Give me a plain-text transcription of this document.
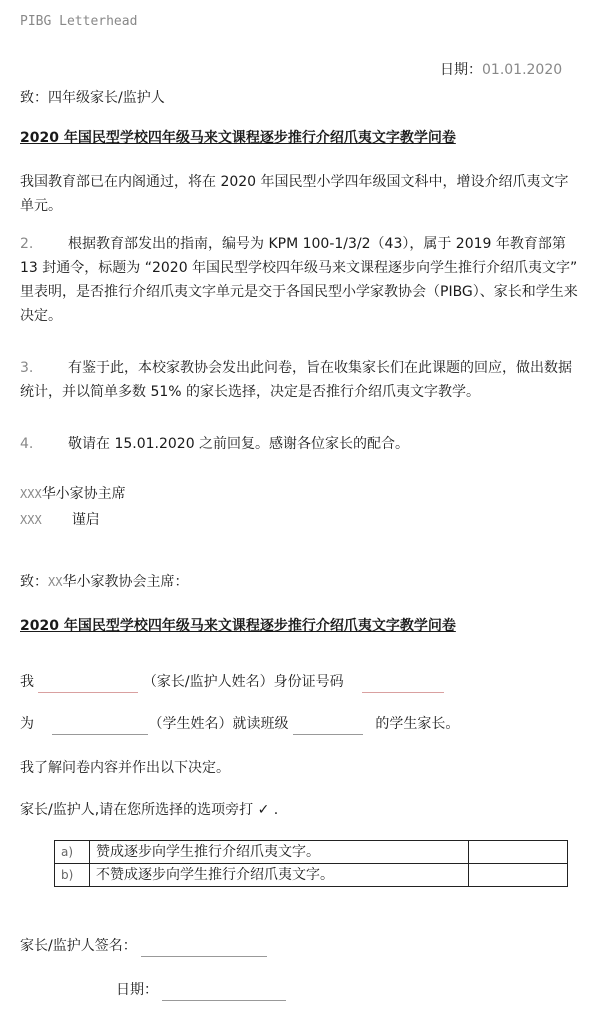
PIBG Letterhead
日期：01.01.2020
致：四年级家长/监护人
2020 年国民型学校四年级马来文课程逐步推行介绍爪夷文字教学问卷
我国教育部已在内阁通过，将在 2020 年国民型小学四年级国文科中，增设介绍爪夷文字单元。
2. 根据教育部发出的指南，编号为 KPM 100-1/3/2（43），属于 2019 年教育部第 13 封通令，标题为 “2020 年国民型学校四年级马来文课程逐步向学生推行介绍爪夷文字” 里表明，是否推行介绍爪夷文字单元是交于各国民型小学家教协会（PIBG）、家长和学生来决定。
3. 有鉴于此，本校家教协会发出此问卷，旨在收集家长们在此课题的回应，做出数据统计，并以简单多数 51% 的家长选择，决定是否推行介绍爪夷文字教学。
4. 敬请在 15.01.2020 之前回复。感谢各位家长的配合。
XXX华小家协主席
XXX 谨启
致：XX华小家教协会主席：
2020 年国民型学校四年级马来文课程逐步推行介绍爪夷文字教学问卷
我	（家长/监护人姓名）身份证号码
为	（学生姓名）就读班级	的学生家长。
我了解问卷内容并作出以下决定。
家长/监护人,请在您所选择的选项旁打 ✓ .
a)	赞成逐步向学生推行介绍爪夷文字。	
b)	不赞成逐步向学生推行介绍爪夷文字。	
家长/监护人签名：
日期：
